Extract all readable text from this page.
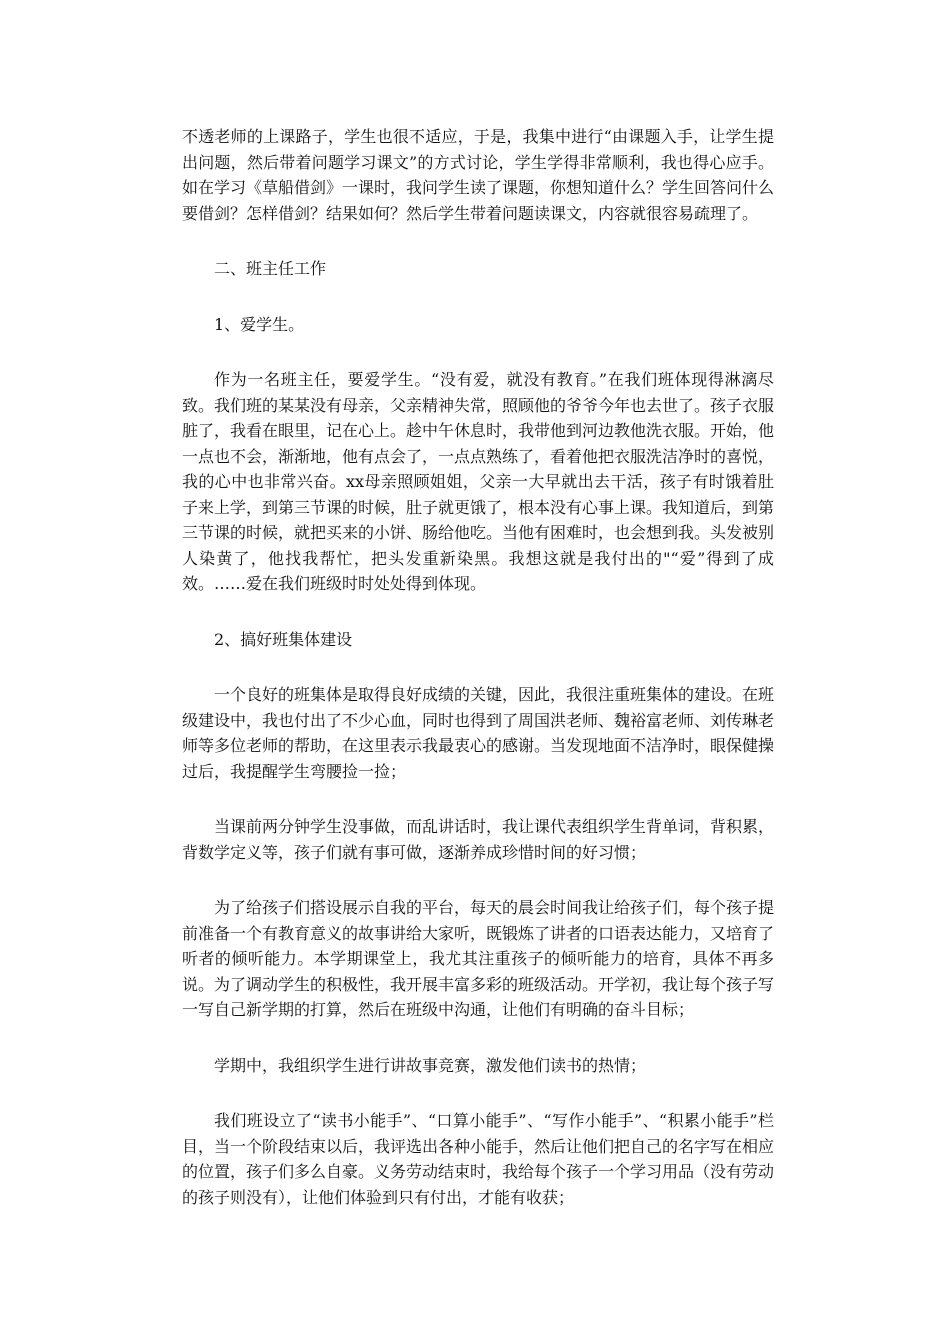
不透老师的上课路子，学生也很不适应，于是，我集中进行“由课题入手，让学生提出问题，然后带着问题学习课文”的方式讨论，学生学得非常顺利，我也得心应手。如在学习《草船借剑》一课时，我问学生读了课题，你想知道什么？学生回答问什么要借剑？怎样借剑？结果如何？然后学生带着问题读课文，内容就很容易疏理了。

二、班主任工作

1、爱学生。

作为一名班主任，要爱学生。“没有爱，就没有教育。”在我们班体现得淋漓尽致。我们班的某某没有母亲，父亲精神失常，照顾他的爷爷今年也去世了。孩子衣服脏了，我看在眼里，记在心上。趁中午休息时，我带他到河边教他洗衣服。开始，他一点也不会，渐渐地，他有点会了，一点点熟练了，看着他把衣服洗洁净时的喜悦，我的心中也非常兴奋。xx母亲照顾姐姐，父亲一大早就出去干活，孩子有时饿着肚子来上学，到第三节课的时候，肚子就更饿了，根本没有心事上课。我知道后，到第三节课的时候，就把买来的小饼、肠给他吃。当他有困难时，也会想到我。头发被别人染黄了，他找我帮忙，把头发重新染黑。我想这就是我付出的"“爱”得到了成效。……爱在我们班级时时处处得到体现。

2、搞好班集体建设

一个良好的班集体是取得良好成绩的关键，因此，我很注重班集体的建设。在班级建设中，我也付出了不少心血，同时也得到了周国洪老师、魏裕富老师、刘传琳老师等多位老师的帮助，在这里表示我最衷心的感谢。当发现地面不洁净时，眼保健操过后，我提醒学生弯腰捡一捡；

当课前两分钟学生没事做，而乱讲话时，我让课代表组织学生背单词，背积累，背数学定义等，孩子们就有事可做，逐渐养成珍惜时间的好习惯；

为了给孩子们搭设展示自我的平台，每天的晨会时间我让给孩子们，每个孩子提前准备一个有教育意义的故事讲给大家听，既锻炼了讲者的口语表达能力，又培育了听者的倾听能力。本学期课堂上，我尤其注重孩子的倾听能力的培育，具体不再多说。为了调动学生的积极性，我开展丰富多彩的班级活动。开学初，我让每个孩子写一写自己新学期的打算，然后在班级中沟通，让他们有明确的奋斗目标；

学期中，我组织学生进行讲故事竞赛，激发他们读书的热情；

我们班设立了“读书小能手”、“口算小能手”、“写作小能手”、“积累小能手”栏目，当一个阶段结束以后，我评选出各种小能手，然后让他们把自己的名字写在相应的位置，孩子们多么自豪。义务劳动结束时，我给每个孩子一个学习用品（没有劳动的孩子则没有），让他们体验到只有付出，才能有收获；
